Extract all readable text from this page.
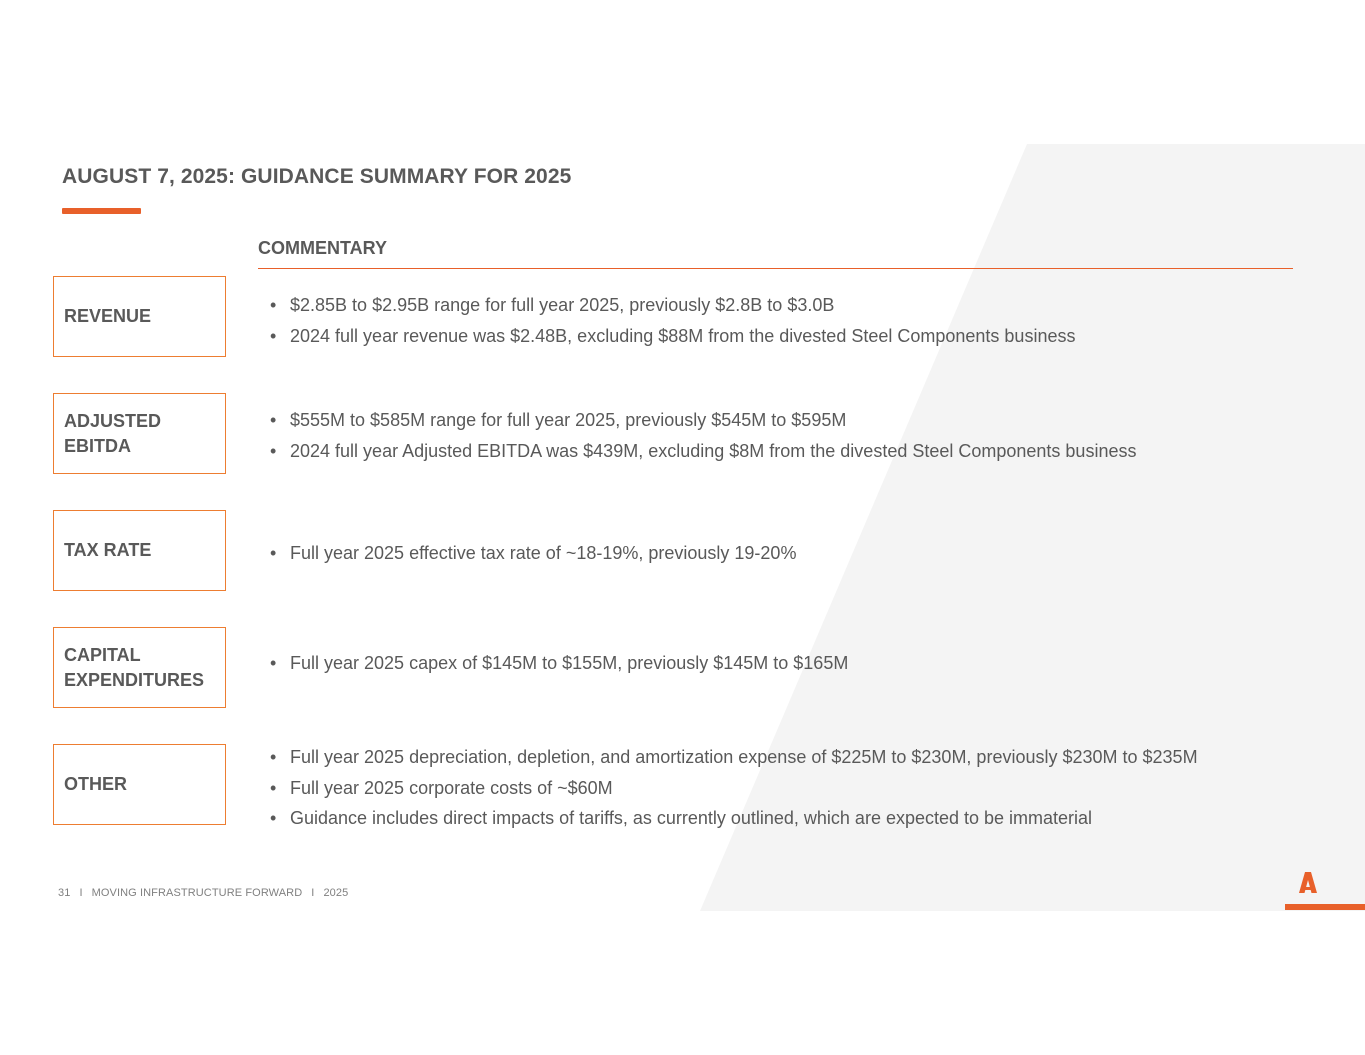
AUGUST 7, 2025: GUIDANCE SUMMARY FOR 2025
COMMENTARY
REVENUE
• $2.85B to $2.95B range for full year 2025, previously $2.8B to $3.0B
• 2024 full year revenue was $2.48B, excluding $88M from the divested Steel Components business
ADJUSTED
EBITDA
• $555M to $585M range for full year 2025, previously $545M to $595M
• 2024 full year Adjusted EBITDA was $439M, excluding $8M from the divested Steel Components business
TAX RATE
•	Full year 2025 effective tax rate of ~18-19%, previously 19-20%
CAPITAL
EXPENDITURES
• Full year 2025 capex of $145M to $155M, previously $145M to $165M
OTHER
• Full year 2025 depreciation, depletion, and amortization expense of $225M to $230M, previously $230M to $235M
• Full year 2025 corporate costs of ~$60M
• Guidance includes direct impacts of tariffs, as currently outlined, which are expected to be immaterial
31 I MOVING INFRASTRUCTURE FORWARD I 2025
